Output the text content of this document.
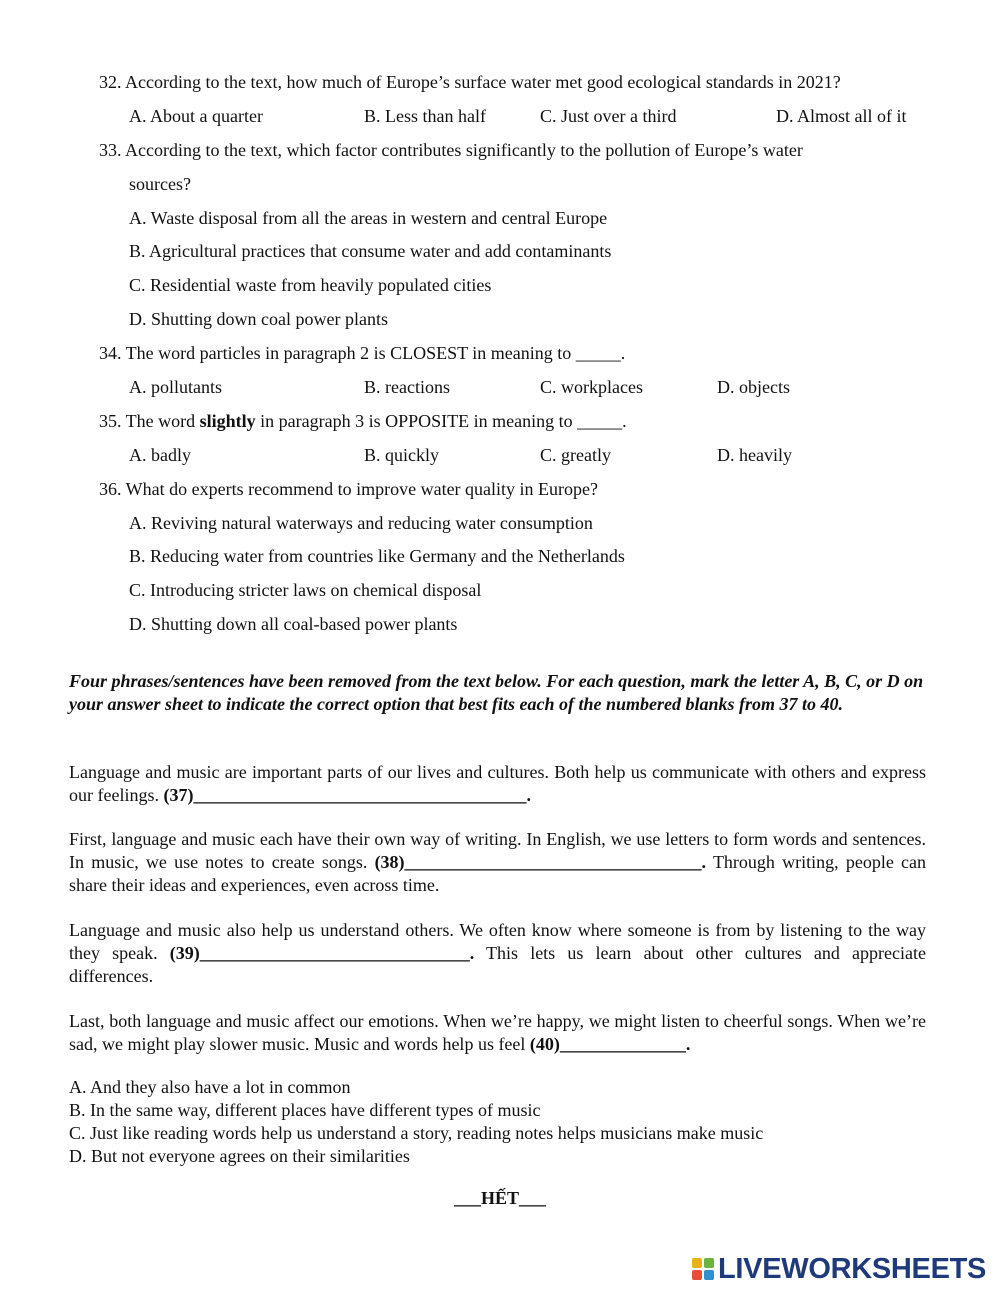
32. According to the text, how much of Europe’s surface water met good ecological standards in 2021?
A. About a quarter	B. Less than half	C. Just over a third	D. Almost all of it
33. According to the text, which factor contributes significantly to the pollution of Europe’s water
sources?
A. Waste disposal from all the areas in western and central Europe
B. Agricultural practices that consume water and add contaminants
C. Residential waste from heavily populated cities
D. Shutting down coal power plants
34. The word particles in paragraph 2 is CLOSEST in meaning to _____.
A. pollutants	B. reactions	C. workplaces	D. objects
35. The word slightly in paragraph 3 is OPPOSITE in meaning to _____.
A. badly	B. quickly	C. greatly	D. heavily
36. What do experts recommend to improve water quality in Europe?
A. Reviving natural waterways and reducing water consumption
B. Reducing water from countries like Germany and the Netherlands
C. Introducing stricter laws on chemical disposal
D. Shutting down all coal-based power plants
Four phrases/sentences have been removed from the text below. For each question, mark the letter A, B, C, or D on your answer sheet to indicate the correct option that best fits each of the numbered blanks from 37 to 40.
Language and music are important parts of our lives and cultures. Both help us communicate with others and express our feelings. (37)_____________________________________.
First, language and music each have their own way of writing. In English, we use letters to form words and sentences. In music, we use notes to create songs. (38)_________________________________. Through writing, people can share their ideas and experiences, even across time.
Language and music also help us understand others. We often know where someone is from by listening to the way they speak. (39)______________________________. This lets us learn about other cultures and appreciate differences.
Last, both language and music affect our emotions. When we’re happy, we might listen to cheerful songs. When we’re sad, we might play slower music. Music and words help us feel (40)______________.
A. And they also have a lot in common
B. In the same way, different places have different types of music
C. Just like reading words help us understand a story, reading notes helps musicians make music
D. But not everyone agrees on their similarities
___HẾT___
LIVEWORKSHEETS
